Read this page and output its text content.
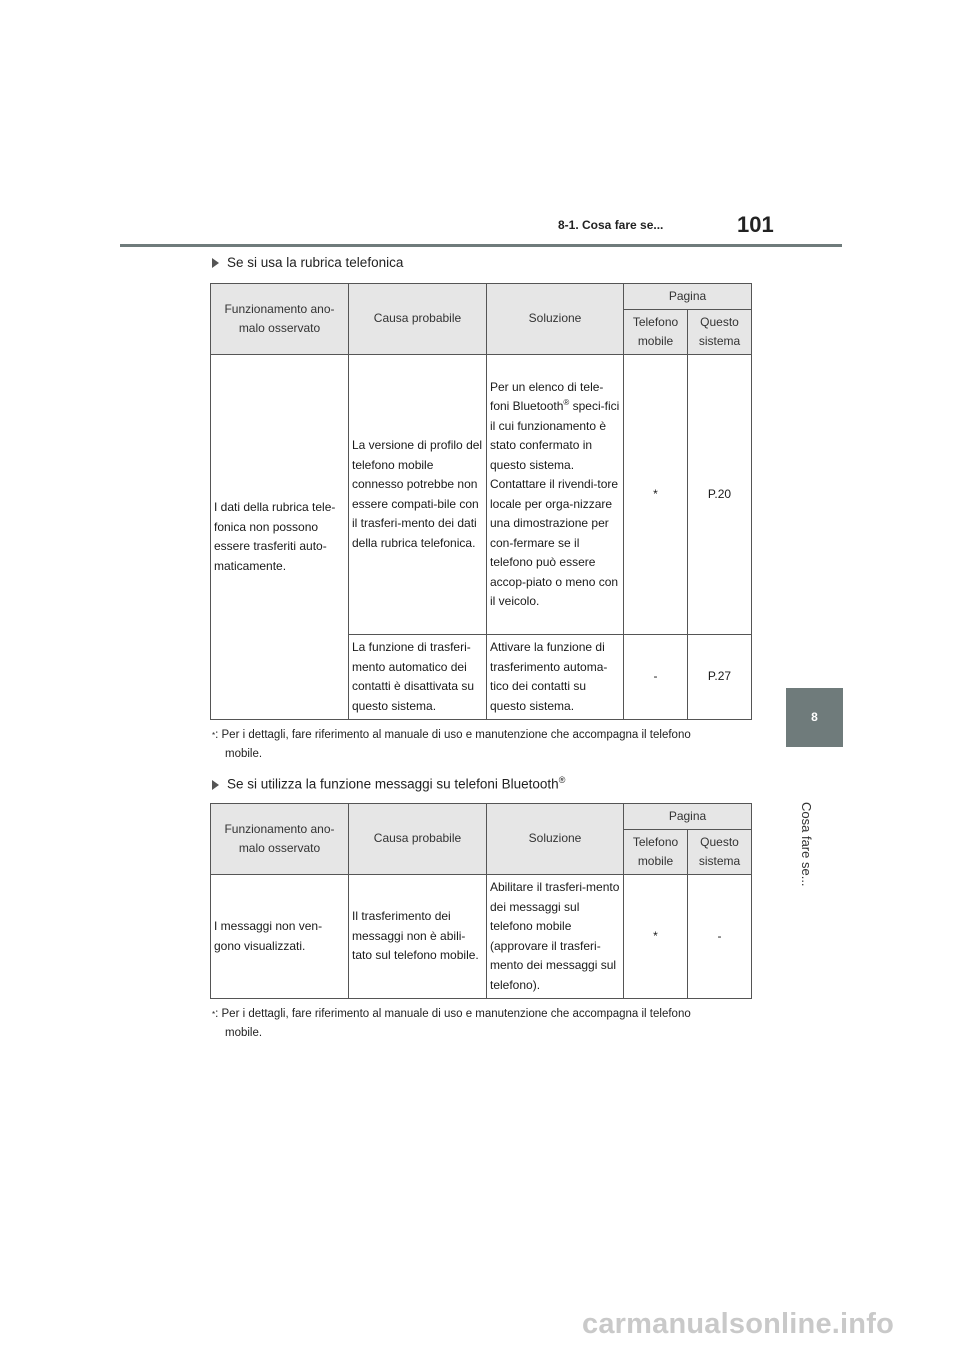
8-1. Cosa fare se...	101
8
Cosa fare se...
Se si usa la rubrica telefonica
Funzionamento ano-malo osservato	Causa probabile	Soluzione	Pagina	
			Telefono mobile	Questo sistema
I dati della rubrica tele-fonica non possono essere trasferiti auto-maticamente.	La versione di profilo del telefono mobile connesso potrebbe non essere compati-bile con il trasferi-mento dei dati della rubrica telefonica.	Per un elenco di tele-foni Bluetooth® speci-fici il cui funzionamento è stato confermato in questo sistema. Contattare il rivendi-tore locale per orga-nizzare una dimostrazione per con-fermare se il telefono può essere accop-piato o meno con il veicolo.	*	P.20
	La funzione di trasferi-mento automatico dei contatti è disattivata su questo sistema.	Attivare la funzione di trasferimento automa-tico dei contatti su questo sistema.	-	P.27
*: Per i dettagli, fare riferimento al manuale di uso e manutenzione che accompagna il telefono
mobile.
Se si utilizza la funzione messaggi su telefoni Bluetooth®
Funzionamento ano-malo osservato	Causa probabile	Soluzione	Pagina	
			Telefono mobile	Questo sistema
I messaggi non ven-gono visualizzati.	Il trasferimento dei messaggi non è abili-tato sul telefono mobile.	Abilitare il trasferi-mento dei messaggi sul telefono mobile (approvare il trasferi-mento dei messaggi sul telefono).	*	-
*: Per i dettagli, fare riferimento al manuale di uso e manutenzione che accompagna il telefono
mobile.
carmanualsonline.info
